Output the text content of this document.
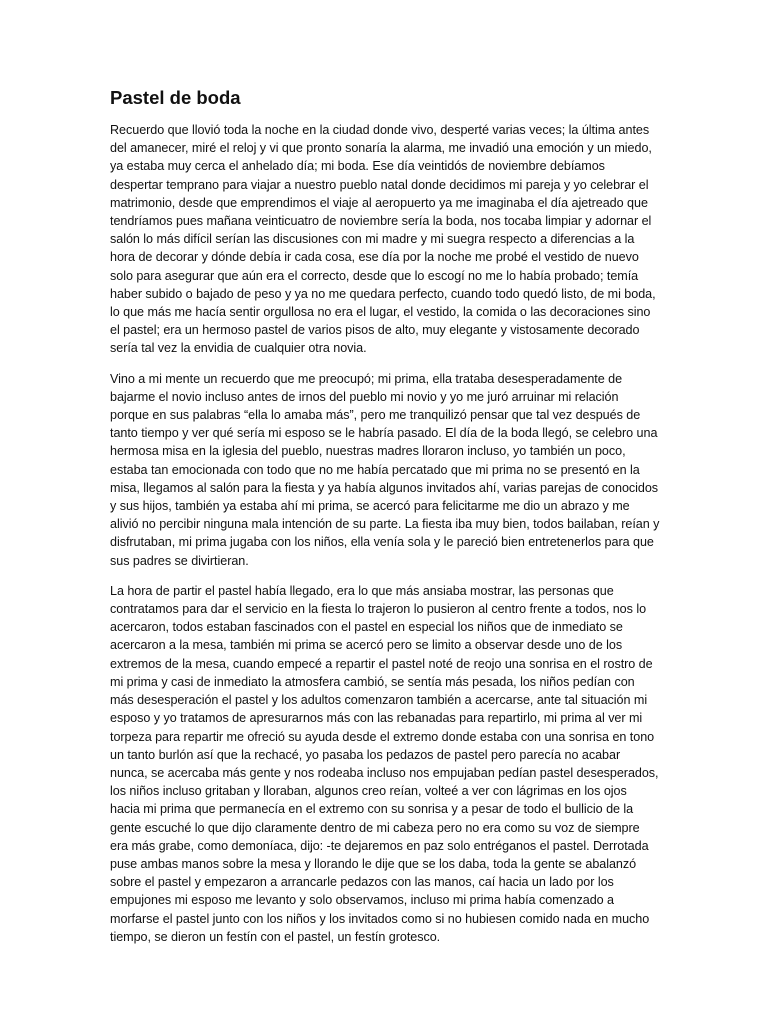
Pastel de boda

Recuerdo que llovió toda la noche en la ciudad donde vivo, desperté varias veces; la última antes del amanecer, miré el reloj y vi que pronto sonaría la alarma, me invadió una emoción y un miedo, ya estaba muy cerca el anhelado día; mi boda. Ese día veintidós de noviembre debíamos despertar temprano para viajar a nuestro pueblo natal donde decidimos mi pareja y yo celebrar el matrimonio, desde que emprendimos el viaje al aeropuerto ya me imaginaba el día ajetreado que tendríamos pues mañana veinticuatro de noviembre sería la boda, nos tocaba limpiar y adornar el salón lo más difícil serían las discusiones con mi madre y mi suegra respecto a diferencias a la hora de decorar y dónde debía ir cada cosa, ese día por la noche me probé el vestido de nuevo solo para asegurar que aún era el correcto, desde que lo escogí no me lo había probado; temía haber subido o bajado de peso y ya no me quedara perfecto, cuando todo quedó listo, de mi boda, lo que más me hacía sentir orgullosa no era el lugar, el vestido, la comida o las decoraciones sino el pastel; era un hermoso pastel de varios pisos de alto, muy elegante y vistosamente decorado sería tal vez la envidia de cualquier otra novia.

Vino a mi mente un recuerdo que me preocupó; mi prima, ella trataba desesperadamente de bajarme el novio incluso antes de irnos del pueblo mi novio y yo me juró arruinar mi relación porque en sus palabras “ella lo amaba más”, pero me tranquilizó pensar que tal vez después de tanto tiempo y ver qué sería mi esposo se le habría pasado. El día de la boda llegó, se celebro una hermosa misa en la iglesia del pueblo, nuestras madres lloraron incluso, yo también un poco, estaba tan emocionada con todo que no me había percatado que mi prima no se presentó en la misa, llegamos al salón para la fiesta y ya había algunos invitados ahí, varias parejas de conocidos y sus hijos, también ya estaba ahí mi prima, se acercó para felicitarme me dio un abrazo y me alivió no percibir ninguna mala intención de su parte. La fiesta iba muy bien, todos bailaban, reían y disfrutaban, mi prima jugaba con los niños, ella venía sola y le pareció bien entretenerlos para que sus padres se divirtieran.

La hora de partir el pastel había llegado, era lo que más ansiaba mostrar, las personas que contratamos para dar el servicio en la fiesta lo trajeron lo pusieron al centro frente a todos, nos lo acercaron, todos estaban fascinados con el pastel en especial los niños que de inmediato se acercaron a la mesa, también mi prima se acercó pero se limito a observar desde uno de los extremos de la mesa, cuando empecé a repartir el pastel noté de reojo una sonrisa en el rostro de mi prima y casi de inmediato la atmosfera cambió, se sentía más pesada, los niños pedían con más desesperación el pastel y los adultos comenzaron también a acercarse, ante tal situación mi esposo y yo tratamos de apresurarnos más con las rebanadas para repartirlo, mi prima al ver mi torpeza para repartir me ofreció su ayuda desde el extremo donde estaba con una sonrisa en tono un tanto burlón así que la rechacé, yo pasaba los pedazos de pastel pero parecía no acabar nunca, se acercaba más gente y nos rodeaba incluso nos empujaban pedían pastel desesperados, los niños incluso gritaban y lloraban, algunos creo reían, volteé a ver con lágrimas en los ojos hacia mi prima que permanecía en el extremo con su sonrisa y a pesar de todo el bullicio de la gente escuché lo que dijo claramente dentro de mi cabeza pero no era como su voz de siempre era más grabe, como demoníaca, dijo: -te dejaremos en paz solo entréganos el pastel. Derrotada puse ambas manos sobre la mesa y llorando le dije que se los daba, toda la gente se abalanzó sobre el pastel y empezaron a arrancarle pedazos con las manos, caí hacia un lado por los empujones mi esposo me levanto y solo observamos, incluso mi prima había comenzado a morfarse el pastel junto con los niños y los invitados como si no hubiesen comido nada en mucho tiempo, se dieron un festín con el pastel, un festín grotesco.
